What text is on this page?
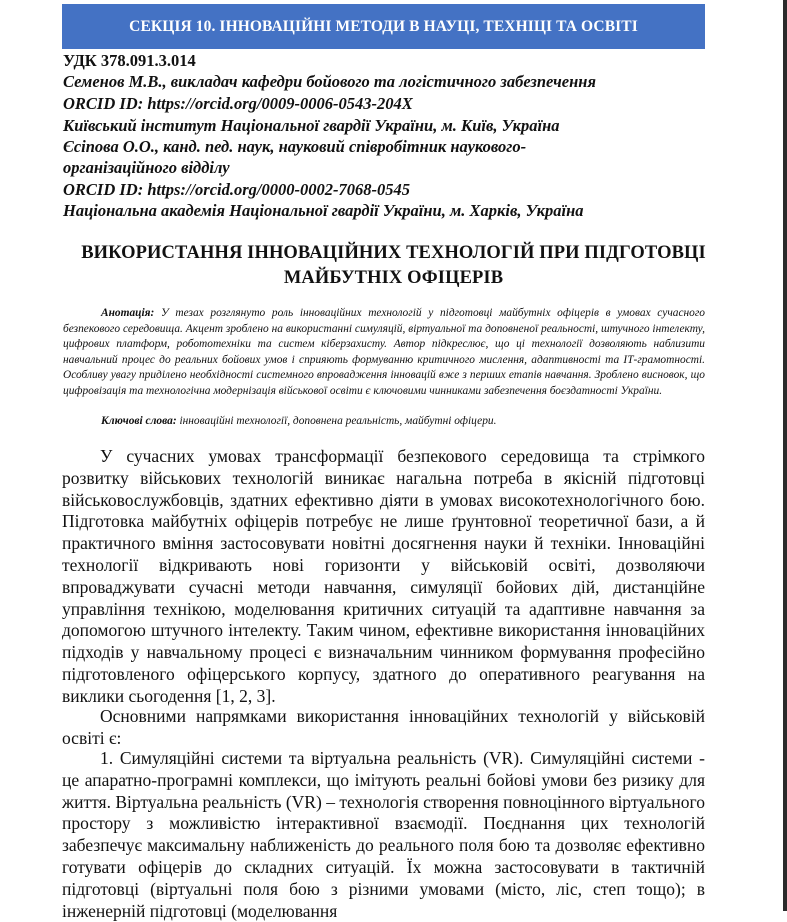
СЕКЦІЯ 10. ІННОВАЦІЙНІ МЕТОДИ В НАУЦІ, ТЕХНІЦІ ТА ОСВІТІ
УДК 378.091.3.014
Семенов М.В., викладач кафедри бойового та логістичного забезпечення
ORCID ID: https://orcid.org/0009-0006-0543-204X
Київський інститут Національної гвардії України, м. Київ, Україна
Єсіпова О.О., канд. пед. наук, науковий співробітник наукового-
організаційного відділу
ORCID ID: https://orcid.org/0000-0002-7068-0545
Національна академія Національної гвардії України, м. Харків, Україна
ВИКОРИСТАННЯ ІННОВАЦІЙНИХ ТЕХНОЛОГІЙ ПРИ ПІДГОТОВЦІ
МАЙБУТНІХ ОФІЦЕРІВ
Анотація: У тезах розглянуто роль інноваційних технологій у підготовці майбутніх офіцерів в умовах сучасного безпекового середовища. Акцент зроблено на використанні симуляцій, віртуальної та доповненої реальності, штучного інтелекту, цифрових платформ, робототехніки та систем кіберзахисту. Автор підкреслює, що ці технології дозволяють наблизити навчальний процес до реальних бойових умов і сприяють формуванню критичного мислення, адаптивності та ІТ-грамотності. Особливу увагу приділено необхідності системного впровадження інновацій вже з перших етапів навчання. Зроблено висновок, що цифровізація та технологічна модернізація військової освіти є ключовими чинниками забезпечення боєздатності України.
Ключові слова: інноваційні технології, доповнена реальність, майбутні офіцери.
У сучасних умовах трансформації безпекового середовища та стрімкого розвитку військових технологій виникає нагальна потреба в якісній підготовці військовослужбовців, здатних ефективно діяти в умовах високотехнологічного бою. Підготовка майбутніх офіцерів потребує не лише ґрунтовної теоретичної бази, а й практичного вміння застосовувати новітні досягнення науки й техніки. Інноваційні технології відкривають нові горизонти у військовій освіті, дозволяючи впроваджувати сучасні методи навчання, симуляції бойових дій, дистанційне управління технікою, моделювання критичних ситуацій та адаптивне навчання за допомогою штучного інтелекту. Таким чином, ефективне використання інноваційних підходів у навчальному процесі є визначальним чинником формування професійно підготовленого офіцерського корпусу, здатного до оперативного реагування на виклики сьогодення [1, 2, 3].
Основними напрямками використання інноваційних технологій у військовій освіті є:
1. Симуляційні системи та віртуальна реальність (VR). Симуляційні системи - це апаратно-програмні комплекси, що імітують реальні бойові умови без ризику для життя. Віртуальна реальність (VR) – технологія створення повноцінного віртуального простору з можливістю інтерактивної взаємодії. Поєднання цих технологій забезпечує максимальну наближеність до реального поля бою та дозволяє ефективно готувати офіцерів до складних ситуацій. Їх можна застосовувати в тактичній підготовці (віртуальні поля бою з різними умовами (місто, ліс, степ тощо); в інженерній підготовці (моделювання
